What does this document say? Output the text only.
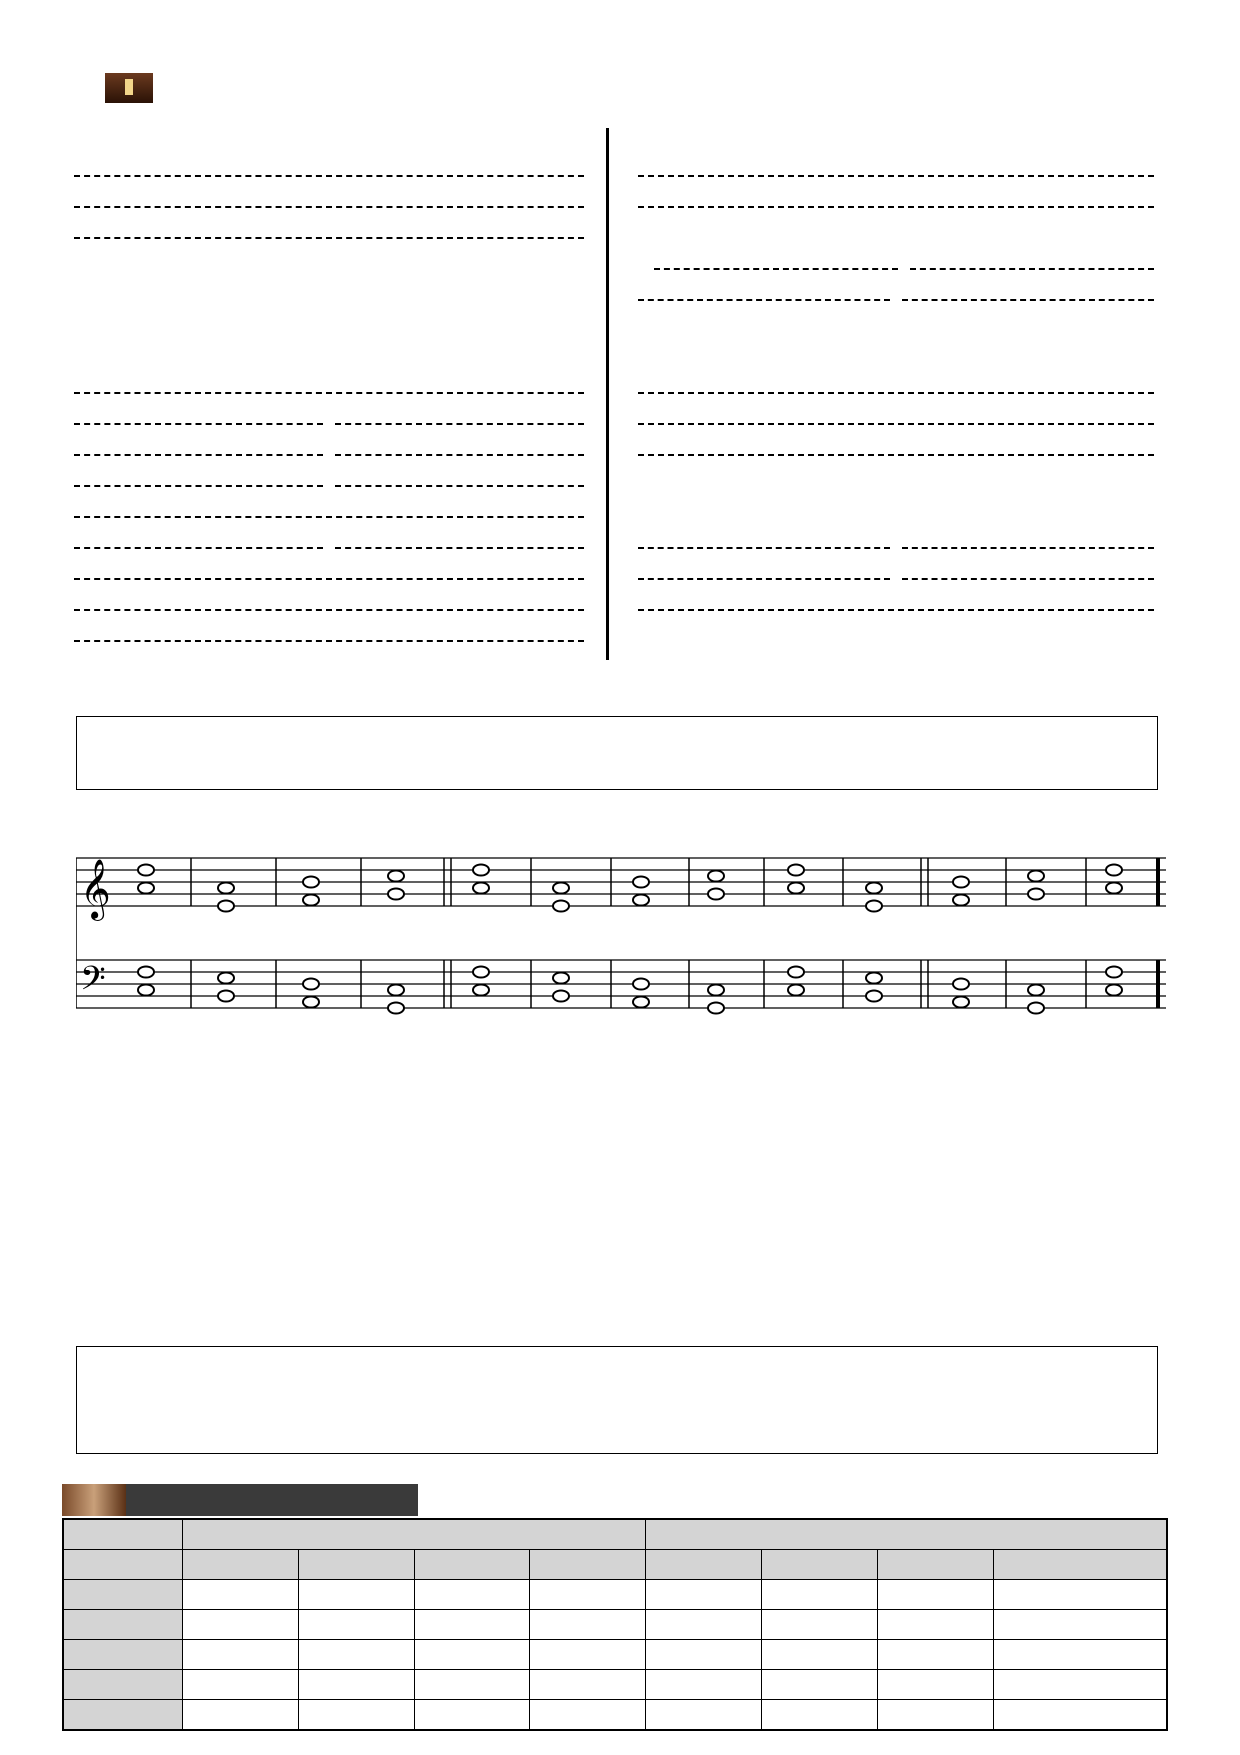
𝄞
𝄢
